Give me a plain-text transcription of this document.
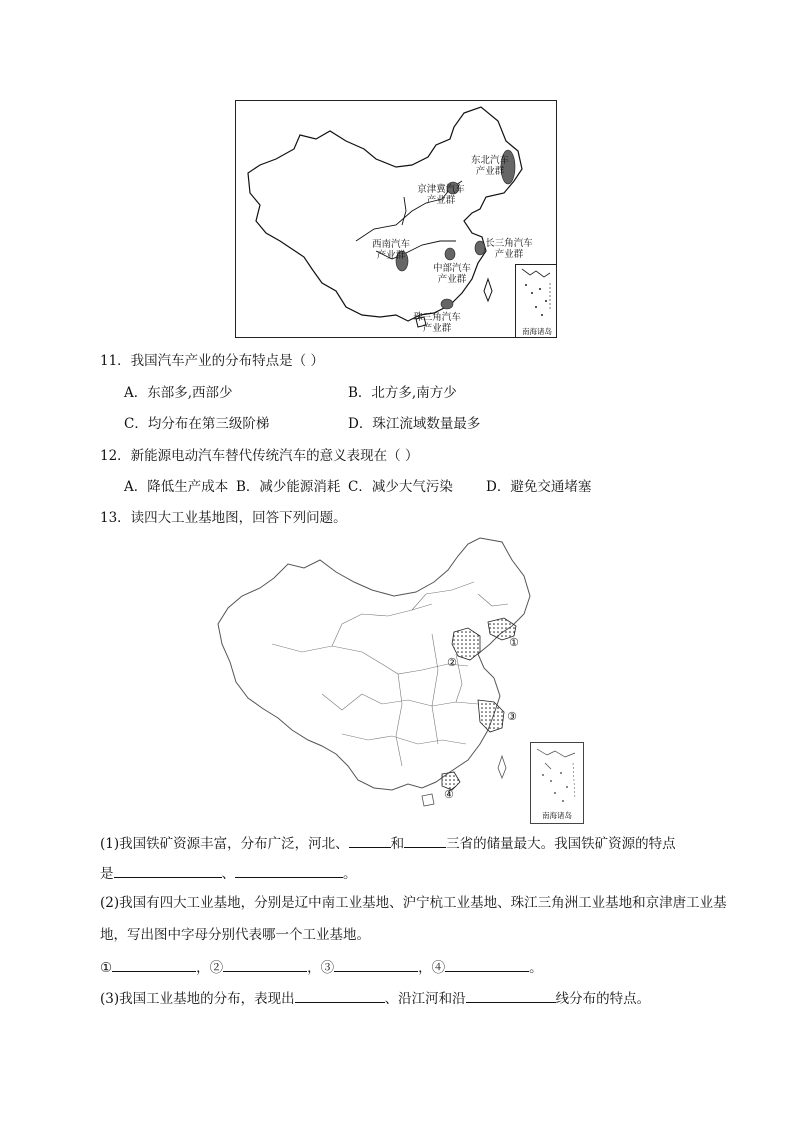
东北汽车产业群
京津冀汽车产业群
西南汽车产业群
中部汽车产业群
长三角汽车产业群
珠三角汽车产业群	南海诸岛
11．我国汽车产业的分布特点是（ ）
A．东部多,西部少	B．北方多,南方少
C．均分布在第三级阶梯	D．珠江流域数量最多
12．新能源电动汽车替代传统汽车的意义表现在（ ）
A．降低生产成本 B．减少能源消耗 C．减少大气污染 D．避免交通堵塞
13．读四大工业基地图，回答下列问题。
①
②
③
④
南海诸岛
(1)我国铁矿资源丰富，分布广泛，河北、	和	三省的储量最大。我国铁矿资源的特点
是	、	。
(2)我国有四大工业基地，分别是辽中南工业基地、沪宁杭工业基地、珠江三角洲工业基地和京津唐工业基
地，写出图中字母分别代表哪一个工业基地。
①	，②	，③	，④	。
(3)我国工业基地的分布，表现出	、沿江河和沿	线分布的特点。
